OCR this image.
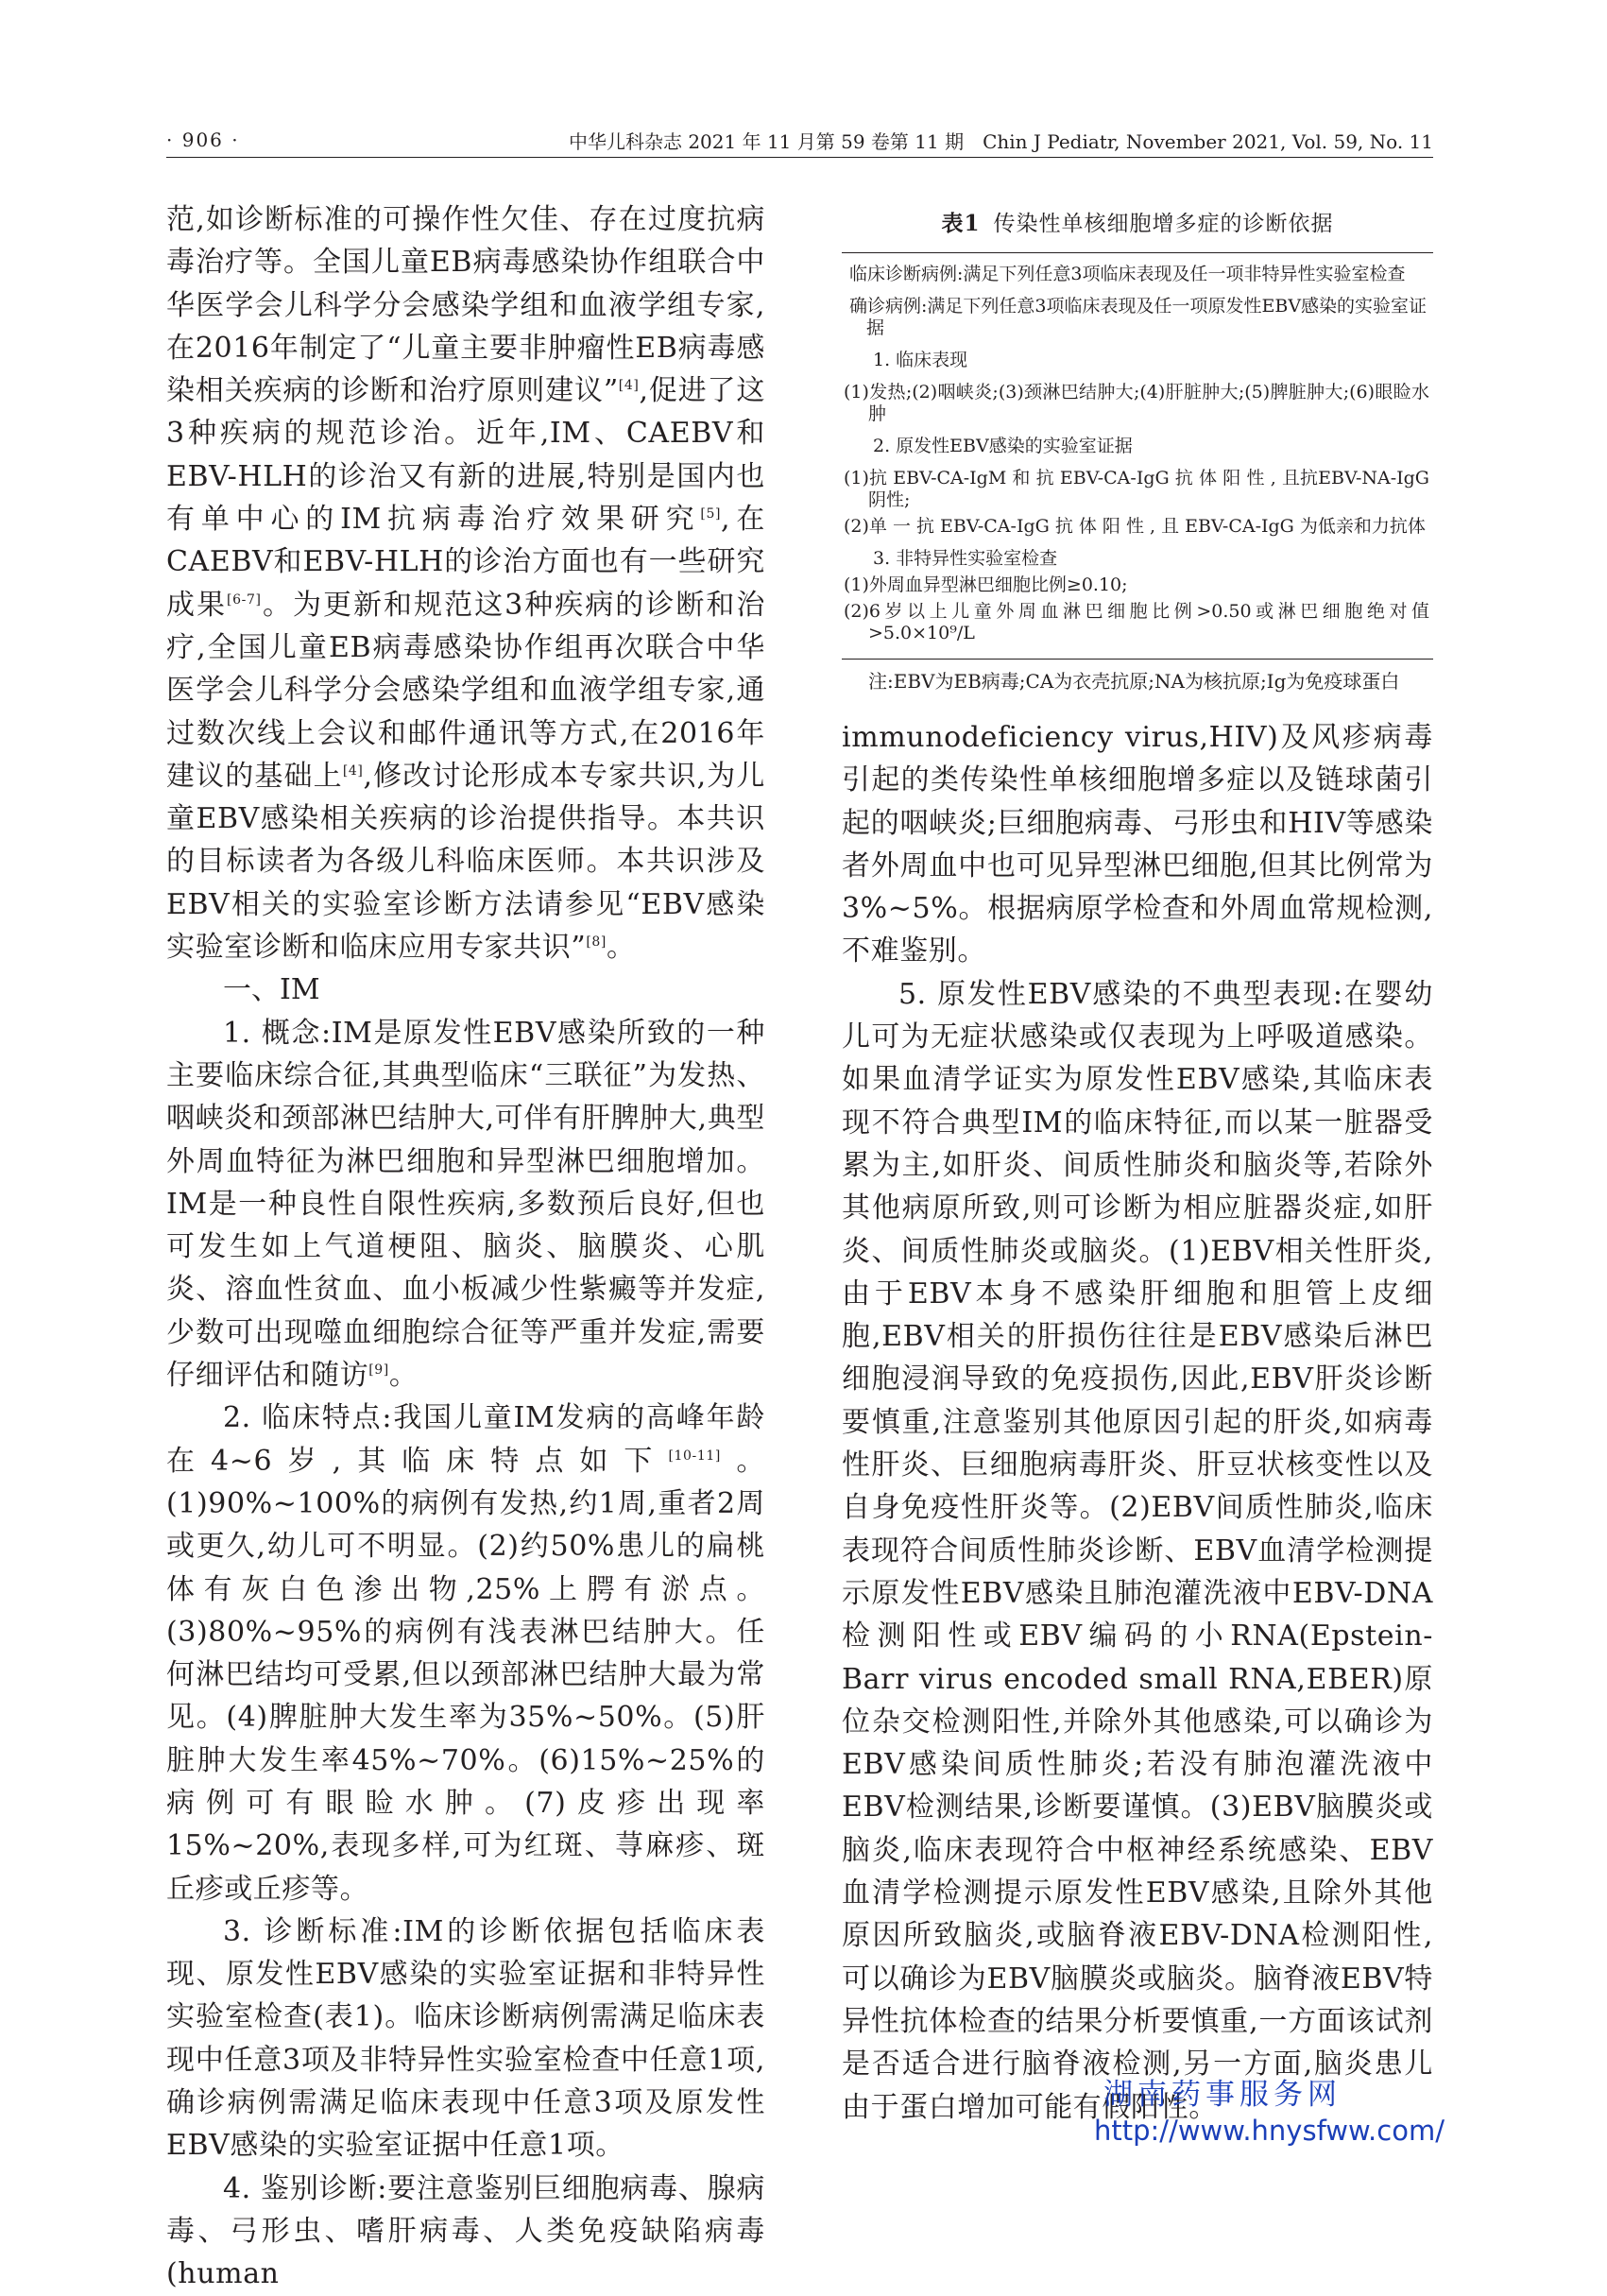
· 906 ·	中华儿科杂志 2021 年 11 月第 59 卷第 11 期　Chin J Pediatr, November 2021, Vol. 59, No. 11

范,如诊断标准的可操作性欠佳、存在过度抗病毒治疗等。全国儿童EB病毒感染协作组联合中华医学会儿科学分会感染学组和血液学组专家,在2016年制定了“儿童主要非肿瘤性EB病毒感染相关疾病的诊断和治疗原则建议”[4],促进了这3种疾病的规范诊治。近年,IM、CAEBV和EBV-HLH的诊治又有新的进展,特别是国内也有单中心的IM抗病毒治疗效果研究[5],在CAEBV和EBV-HLH的诊治方面也有一些研究成果[6-7]。为更新和规范这3种疾病的诊断和治疗,全国儿童EB病毒感染协作组再次联合中华医学会儿科学分会感染学组和血液学组专家,通过数次线上会议和邮件通讯等方式,在2016年建议的基础上[4],修改讨论形成本专家共识,为儿童EBV感染相关疾病的诊治提供指导。本共识的目标读者为各级儿科临床医师。本共识涉及EBV相关的实验室诊断方法请参见“EBV感染实验室诊断和临床应用专家共识”[8]。

一、IM

1. 概念:IM是原发性EBV感染所致的一种主要临床综合征,其典型临床“三联征”为发热、咽峡炎和颈部淋巴结肿大,可伴有肝脾肿大,典型外周血特征为淋巴细胞和异型淋巴细胞增加。IM是一种良性自限性疾病,多数预后良好,但也可发生如上气道梗阻、脑炎、脑膜炎、心肌炎、溶血性贫血、血小板减少性紫癜等并发症,少数可出现噬血细胞综合征等严重并发症,需要仔细评估和随访[9]。

2. 临床特点:我国儿童IM发病的高峰年龄在4~6岁,其临床特点如下[10-11]。(1)90%~100%的病例有发热,约1周,重者2周或更久,幼儿可不明显。(2)约50%患儿的扁桃体有灰白色渗出物,25%上腭有淤点。(3)80%~95%的病例有浅表淋巴结肿大。任何淋巴结均可受累,但以颈部淋巴结肿大最为常见。(4)脾脏肿大发生率为35%~50%。(5)肝脏肿大发生率45%~70%。(6)15%~25%的病例可有眼睑水肿。(7)皮疹出现率15%~20%,表现多样,可为红斑、荨麻疹、斑丘疹或丘疹等。

3. 诊断标准:IM的诊断依据包括临床表现、原发性EBV感染的实验室证据和非特异性实验室检查(表1)。临床诊断病例需满足临床表现中任意3项及非特异性实验室检查中任意1项,确诊病例需满足临床表现中任意3项及原发性EBV感染的实验室证据中任意1项。

4. 鉴别诊断:要注意鉴别巨细胞病毒、腺病毒、弓形虫、嗜肝病毒、人类免疫缺陷病毒(human

表1 传染性单核细胞增多症的诊断依据
临床诊断病例:满足下列任意3项临床表现及任一项非特异性实验室检查
确诊病例:满足下列任意3项临床表现及任一项原发性EBV感染的实验室证据
1. 临床表现
(1)发热;(2)咽峡炎;(3)颈淋巴结肿大;(4)肝脏肿大;(5)脾脏肿大;(6)眼睑水肿
2. 原发性EBV感染的实验室证据
(1)抗 EBV-CA-IgM 和 抗 EBV-CA-IgG 抗 体 阳 性 , 且抗EBV-NA-IgG阴性;
(2)单 一 抗 EBV-CA-IgG 抗 体 阳 性 , 且 EBV-CA-IgG 为低亲和力抗体
3. 非特异性实验室检查
(1)外周血异型淋巴细胞比例≥0.10;
(2)6岁以上儿童外周血淋巴细胞比例>0.50或淋巴细胞绝对值>5.0×10⁹/L

注:EBV为EB病毒;CA为衣壳抗原;NA为核抗原;Ig为免疫球蛋白

immunodeficiency virus,HIV)及风疹病毒引起的类传染性单核细胞增多症以及链球菌引起的咽峡炎;巨细胞病毒、弓形虫和HIV等感染者外周血中也可见异型淋巴细胞,但其比例常为3%~5%。根据病原学检查和外周血常规检测,不难鉴别。

5. 原发性EBV感染的不典型表现:在婴幼儿可为无症状感染或仅表现为上呼吸道感染。如果血清学证实为原发性EBV感染,其临床表现不符合典型IM的临床特征,而以某一脏器受累为主,如肝炎、间质性肺炎和脑炎等,若除外其他病原所致,则可诊断为相应脏器炎症,如肝炎、间质性肺炎或脑炎。(1)EBV相关性肝炎,由于EBV本身不感染肝细胞和胆管上皮细胞,EBV相关的肝损伤往往是EBV感染后淋巴细胞浸润导致的免疫损伤,因此,EBV肝炎诊断要慎重,注意鉴别其他原因引起的肝炎,如病毒性肝炎、巨细胞病毒肝炎、肝豆状核变性以及自身免疫性肝炎等。(2)EBV间质性肺炎,临床表现符合间质性肺炎诊断、EBV血清学检测提示原发性EBV感染且肺泡灌洗液中EBV-DNA检测阳性或EBV编码的小RNA(Epstein-Barr virus encoded small RNA,EBER)原位杂交检测阳性,并除外其他感染,可以确诊为EBV感染间质性肺炎;若没有肺泡灌洗液中EBV检测结果,诊断要谨慎。(3)EBV脑膜炎或脑炎,临床表现符合中枢神经系统感染、EBV血清学检测提示原发性EBV感染,且除外其他原因所致脑炎,或脑脊液EBV-DNA检测阳性,可以确诊为EBV脑膜炎或脑炎。脑脊液EBV特异性抗体检查的结果分析要慎重,一方面该试剂是否适合进行脑脊液检测,另一方面,脑炎患儿由于蛋白增加可能有假阳性。

湖南药事服务网
http://www.hnysfww.com/
